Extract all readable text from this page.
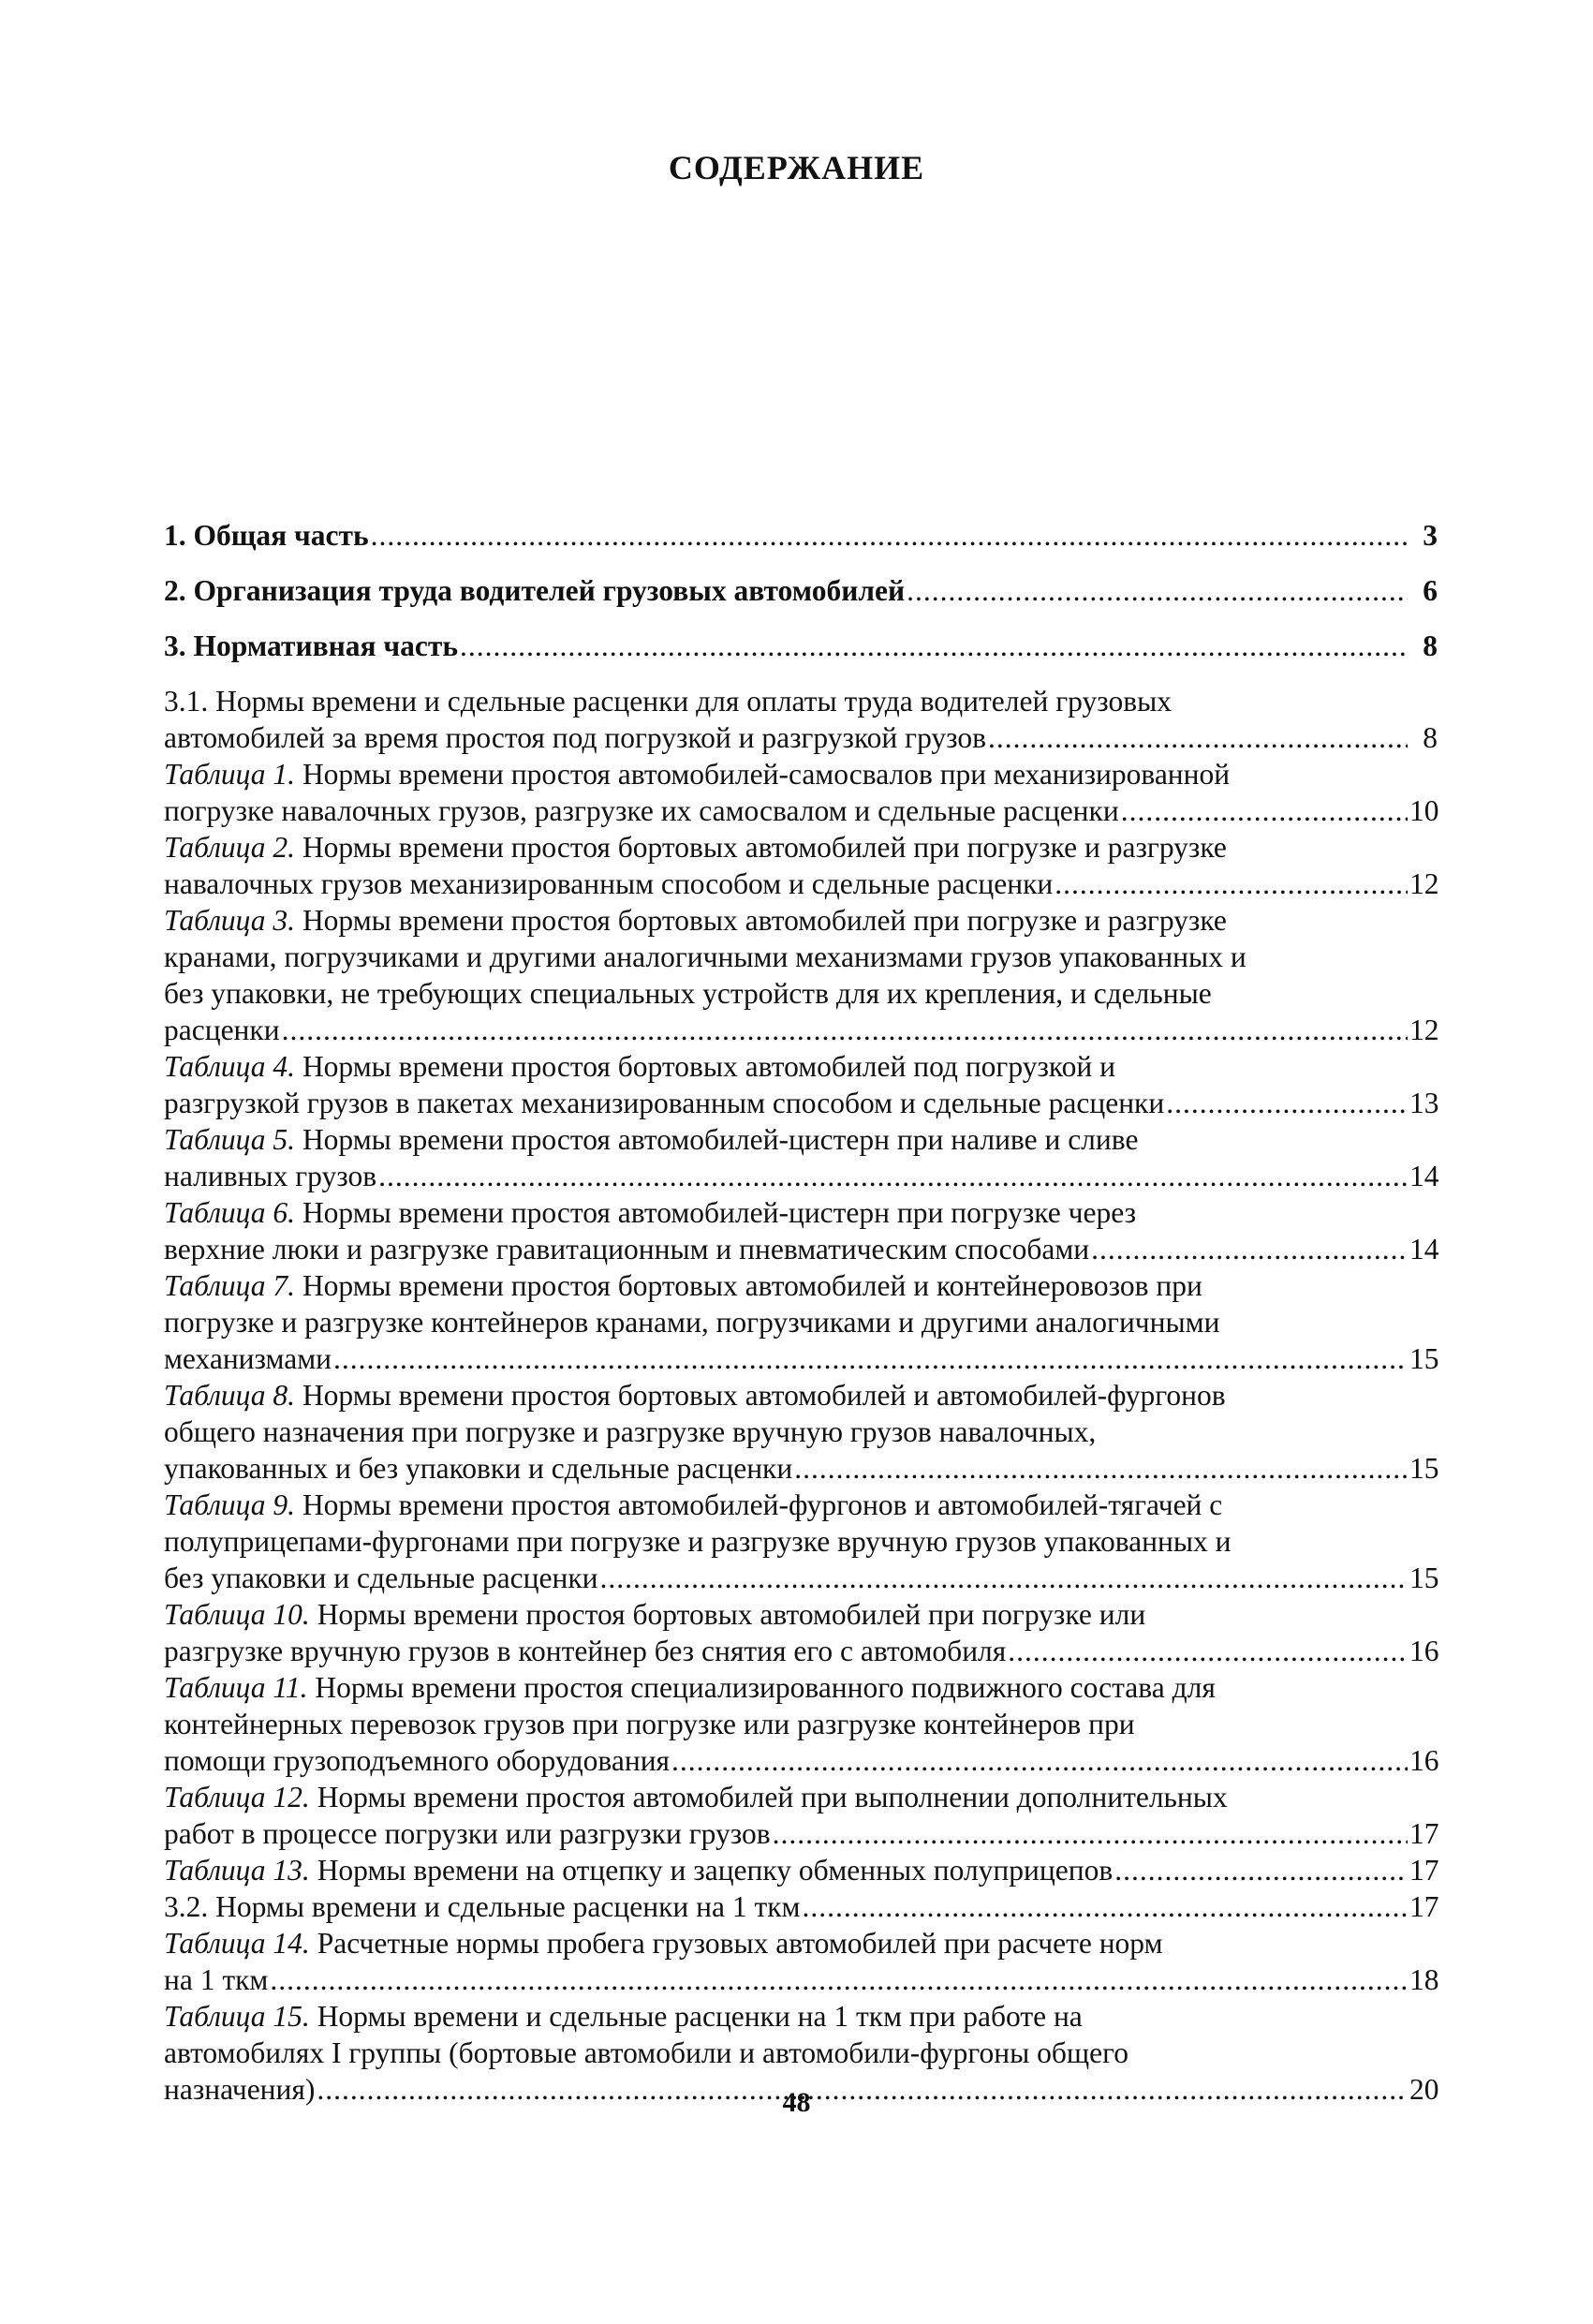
СОДЕРЖАНИЕ
1. Общая часть .....	3
2. Организация труда водителей грузовых автомобилей .....	6
3. Нормативная часть .....	8
3.1. Нормы времени и сдельные расценки для оплаты труда водителей грузовых
автомобилей за время простоя под погрузкой и разгрузкой грузов .....	8
Таблица 1. Нормы времени простоя автомобилей-самосвалов при механизированной
погрузке навалочных грузов, разгрузке их самосвалом и сдельные расценки .....	10
Таблица 2. Нормы времени простоя бортовых автомобилей при погрузке и разгрузке
навалочных грузов механизированным способом и сдельные расценки .....	12
Таблица 3. Нормы времени простоя бортовых автомобилей при погрузке и разгрузке
кранами, погрузчиками и другими аналогичными механизмами грузов упакованных и
без упаковки, не требующих специальных устройств для их крепления, и сдельные
расценки .....	12
Таблица 4. Нормы времени простоя бортовых автомобилей под погрузкой и
разгрузкой грузов в пакетах механизированным способом и сдельные расценки .....	13
Таблица 5. Нормы времени простоя автомобилей-цистерн при наливе и сливе
наливных грузов .....	14
Таблица 6. Нормы времени простоя автомобилей-цистерн при погрузке через
верхние люки и разгрузке гравитационным и пневматическим способами .....	14
Таблица 7. Нормы времени простоя бортовых автомобилей и контейнеровозов при
погрузке и разгрузке контейнеров кранами, погрузчиками и другими аналогичными
механизмами .....	15
Таблица 8. Нормы времени простоя бортовых автомобилей и автомобилей-фургонов
общего назначения при погрузке и разгрузке вручную грузов навалочных,
упакованных и без упаковки и сдельные расценки .....	15
Таблица 9. Нормы времени простоя автомобилей-фургонов и автомобилей-тягачей с
полуприцепами-фургонами при погрузке и разгрузке вручную грузов упакованных и
без упаковки и сдельные расценки .....	15
Таблица 10. Нормы времени простоя бортовых автомобилей при погрузке или
разгрузке вручную грузов в контейнер без снятия его с автомобиля .....	16
Таблица 11. Нормы времени простоя специализированного подвижного состава для
контейнерных перевозок грузов при погрузке или разгрузке контейнеров при
помощи грузоподъемного оборудования .....	16
Таблица 12. Нормы времени простоя автомобилей при выполнении дополнительных
работ в процессе погрузки или разгрузки грузов .....	17
Таблица 13. Нормы времени на отцепку и зацепку обменных полуприцепов .....	17
3.2. Нормы времени и сдельные расценки на 1 ткм .....	17
Таблица 14. Расчетные нормы пробега грузовых автомобилей при расчете норм
на 1 ткм .....	18
Таблица 15. Нормы времени и сдельные расценки на 1 ткм при работе на
автомобилях I группы (бортовые автомобили и автомобили-фургоны общего
назначения) .....	20
48
